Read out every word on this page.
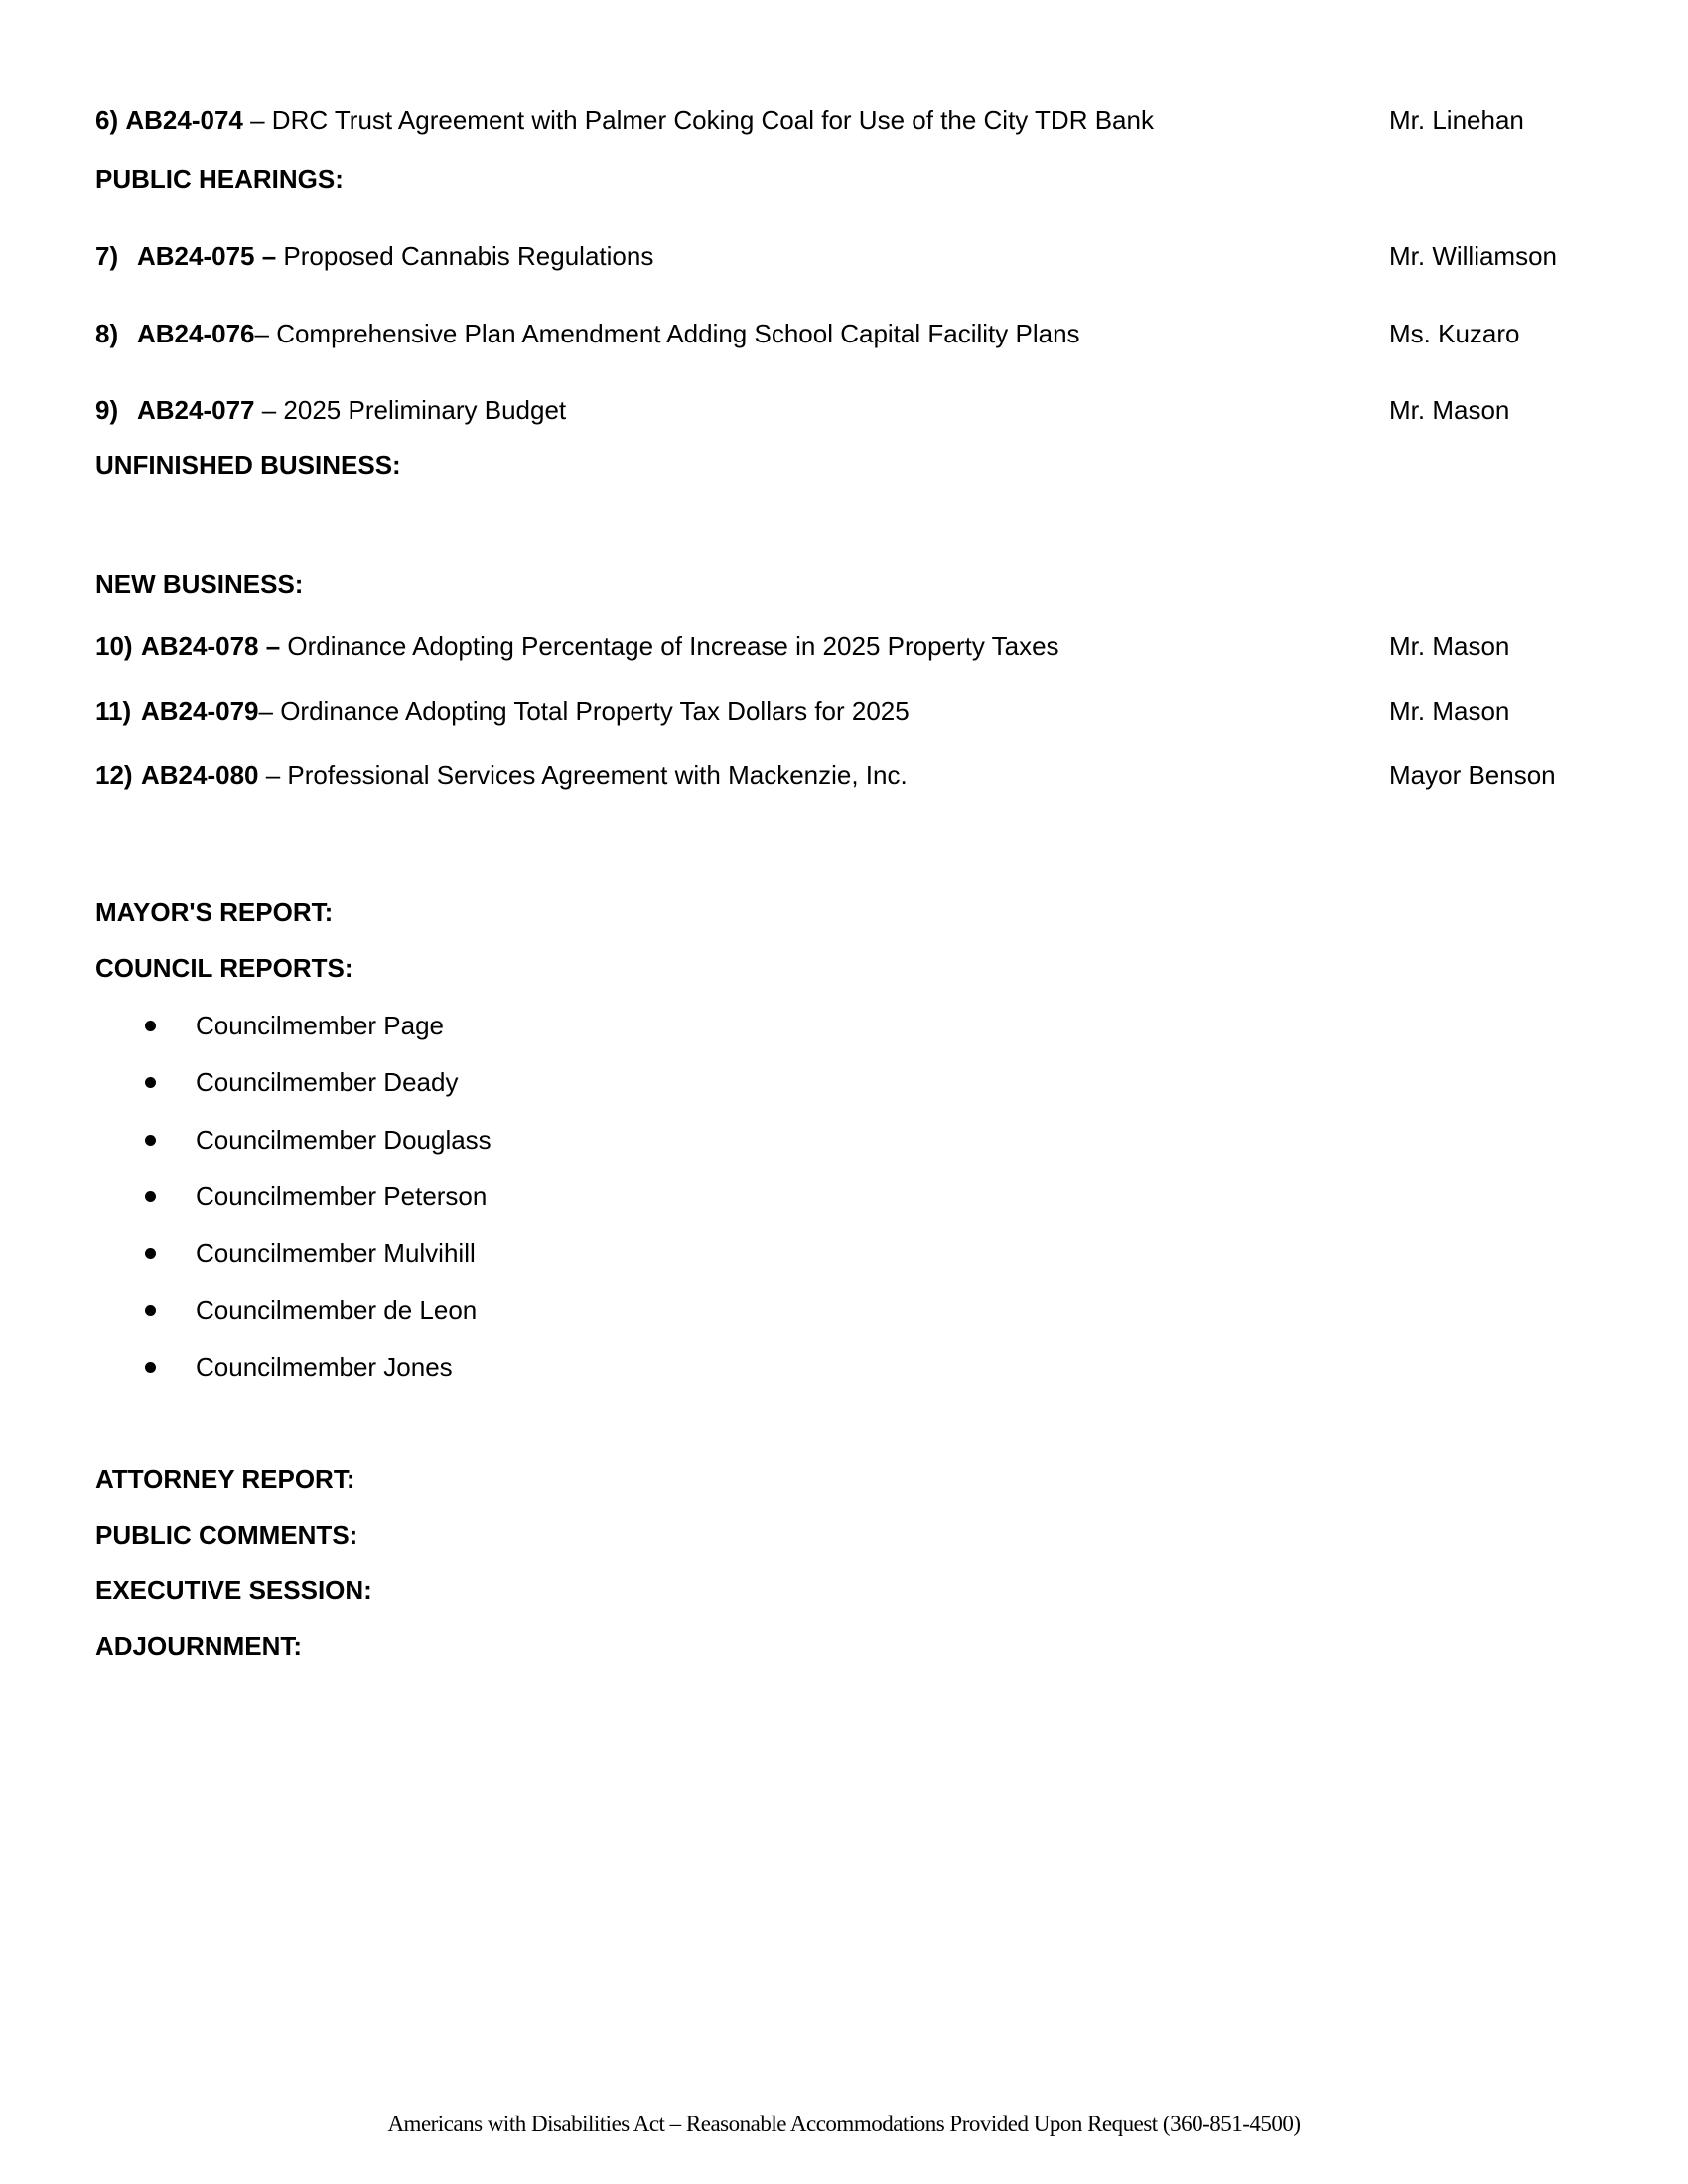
6) AB24-074 – DRC Trust Agreement with Palmer Coking Coal for Use of the City TDR Bank	Mr. Linehan
PUBLIC HEARINGS:
7) AB24-075 – Proposed Cannabis Regulations	Mr. Williamson
8) AB24-076– Comprehensive Plan Amendment Adding School Capital Facility Plans	Ms. Kuzaro
9) AB24-077 – 2025 Preliminary Budget	Mr. Mason
UNFINISHED BUSINESS:
NEW BUSINESS:
10) AB24-078 – Ordinance Adopting Percentage of Increase in 2025 Property Taxes	Mr. Mason
11) AB24-079– Ordinance Adopting Total Property Tax Dollars for 2025	Mr. Mason
12) AB24-080 – Professional Services Agreement with Mackenzie, Inc.	Mayor Benson
MAYOR'S REPORT:
COUNCIL REPORTS:
Councilmember Page
Councilmember Deady
Councilmember Douglass
Councilmember Peterson
Councilmember Mulvihill
Councilmember de Leon
Councilmember Jones
ATTORNEY REPORT:
PUBLIC COMMENTS:
EXECUTIVE SESSION:
ADJOURNMENT:
Americans with Disabilities Act – Reasonable Accommodations Provided Upon Request (360-851-4500)
